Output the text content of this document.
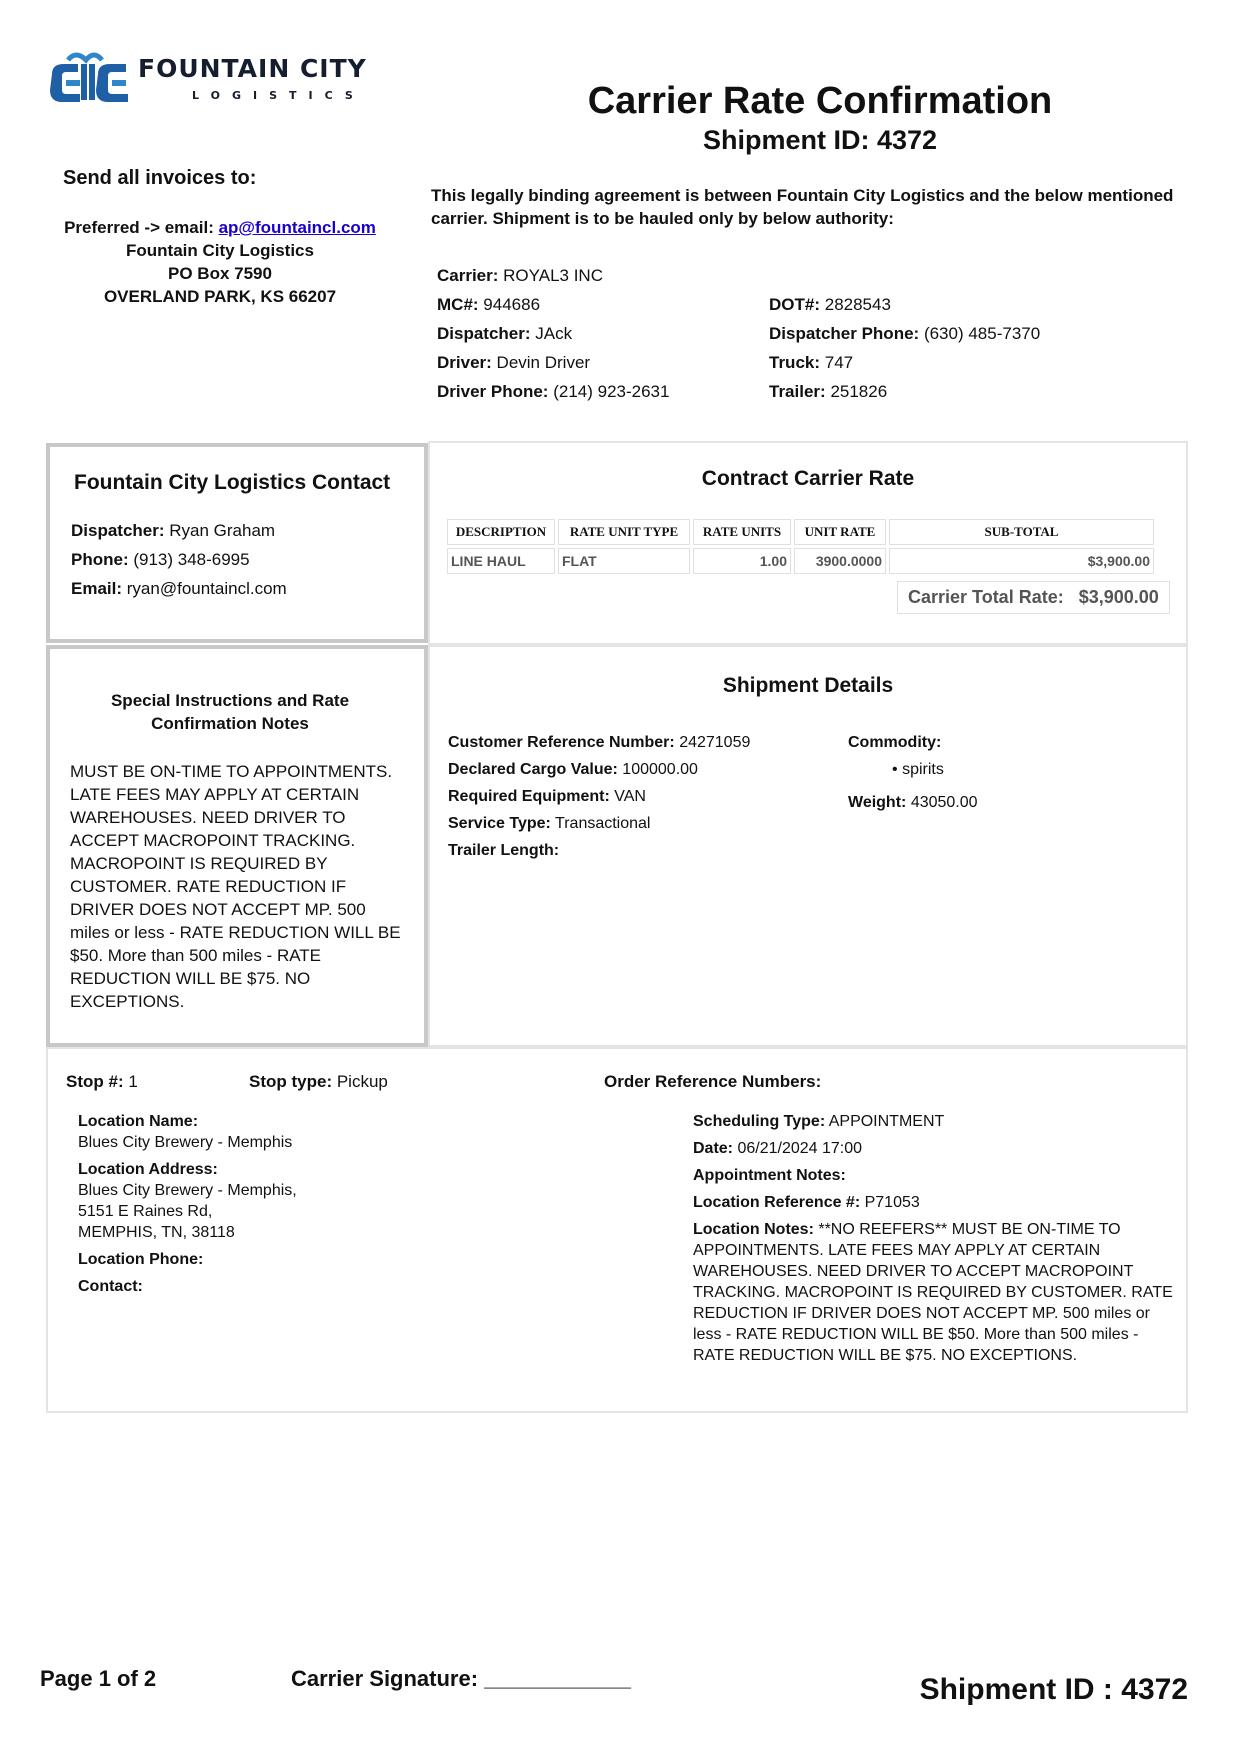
FOUNTAIN CITY
LOGISTICS	Carrier Rate Confirmation
Shipment ID: 4372
Send all invoices to:
Preferred -> email: ap@fountaincl.com
Fountain City Logistics
PO Box 7590
OVERLAND PARK, KS 66207
This legally binding agreement is between Fountain City Logistics and the below mentioned carrier. Shipment is to be hauled only by below authority:
Carrier: ROYAL3 INC
MC#: 944686
Dispatcher: JAck
Driver: Devin Driver
Driver Phone: (214) 923-2631
DOT#: 2828543
Dispatcher Phone: (630) 485-7370
Truck: 747
Trailer: 251826
Fountain City Logistics Contact
Dispatcher: Ryan Graham
Phone: (913) 348-6995
Email: ryan@fountaincl.com
Contract Carrier Rate
DESCRIPTION	RATE UNIT TYPE	RATE UNITS	UNIT RATE	SUB-TOTAL
LINE HAUL	FLAT	1.00	3900.0000	$3,900.00
Carrier Total Rate: $3,900.00
Special Instructions and Rate Confirmation Notes
MUST BE ON-TIME TO APPOINTMENTS. LATE FEES MAY APPLY AT CERTAIN WAREHOUSES. NEED DRIVER TO ACCEPT MACROPOINT TRACKING. MACROPOINT IS REQUIRED BY CUSTOMER. RATE REDUCTION IF DRIVER DOES NOT ACCEPT MP. 500 miles or less - RATE REDUCTION WILL BE $50. More than 500 miles - RATE REDUCTION WILL BE $75. NO EXCEPTIONS.
Shipment Details
Customer Reference Number: 24271059
Declared Cargo Value: 100000.00
Required Equipment: VAN
Service Type: Transactional
Trailer Length:
Commodity:
• spirits
Weight: 43050.00
Stop #: 1	Stop type: Pickup	Order Reference Numbers:
Location Name:
Blues City Brewery - Memphis
Location Address:
Blues City Brewery - Memphis,
5151 E Raines Rd,
MEMPHIS, TN, 38118
Location Phone:
Contact:
Scheduling Type: APPOINTMENT
Date: 06/21/2024 17:00
Appointment Notes:
Location Reference #: P71053
Location Notes: **NO REEFERS** MUST BE ON-TIME TO APPOINTMENTS. LATE FEES MAY APPLY AT CERTAIN WAREHOUSES. NEED DRIVER TO ACCEPT MACROPOINT TRACKING. MACROPOINT IS REQUIRED BY CUSTOMER. RATE REDUCTION IF DRIVER DOES NOT ACCEPT MP. 500 miles or less - RATE REDUCTION WILL BE $50. More than 500 miles - RATE REDUCTION WILL BE $75. NO EXCEPTIONS.
Page 1 of 2	Carrier Signature: ____________	Shipment ID : 4372
